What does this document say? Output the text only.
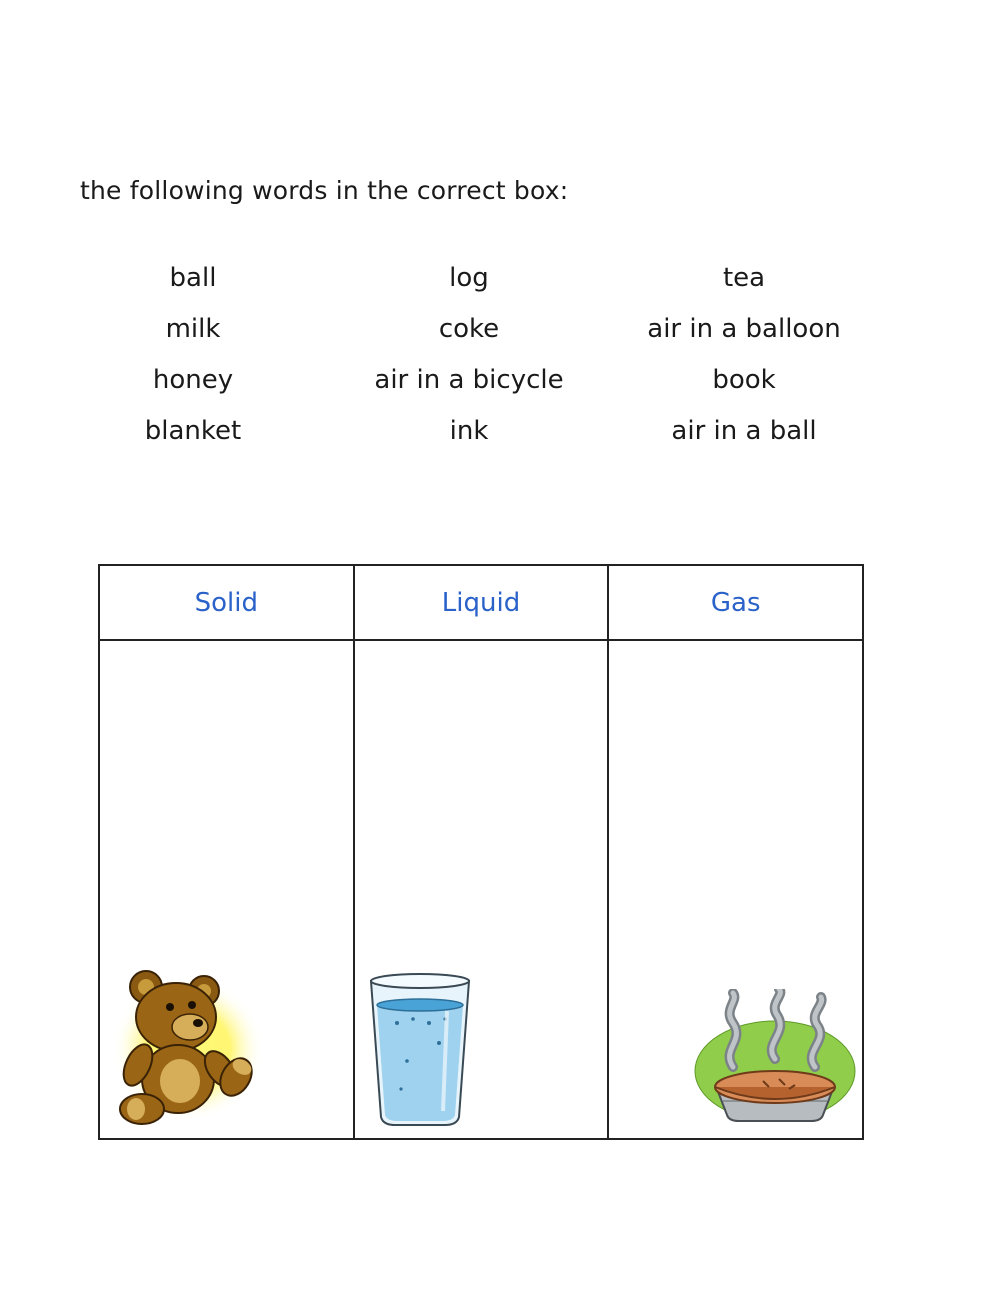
the following words in the correct box:
ball
milk
honey
blanket
log
coke
air in a bicycle
ink
tea
air in a balloon
book
air in a ball
Solid	Liquid	Gas
